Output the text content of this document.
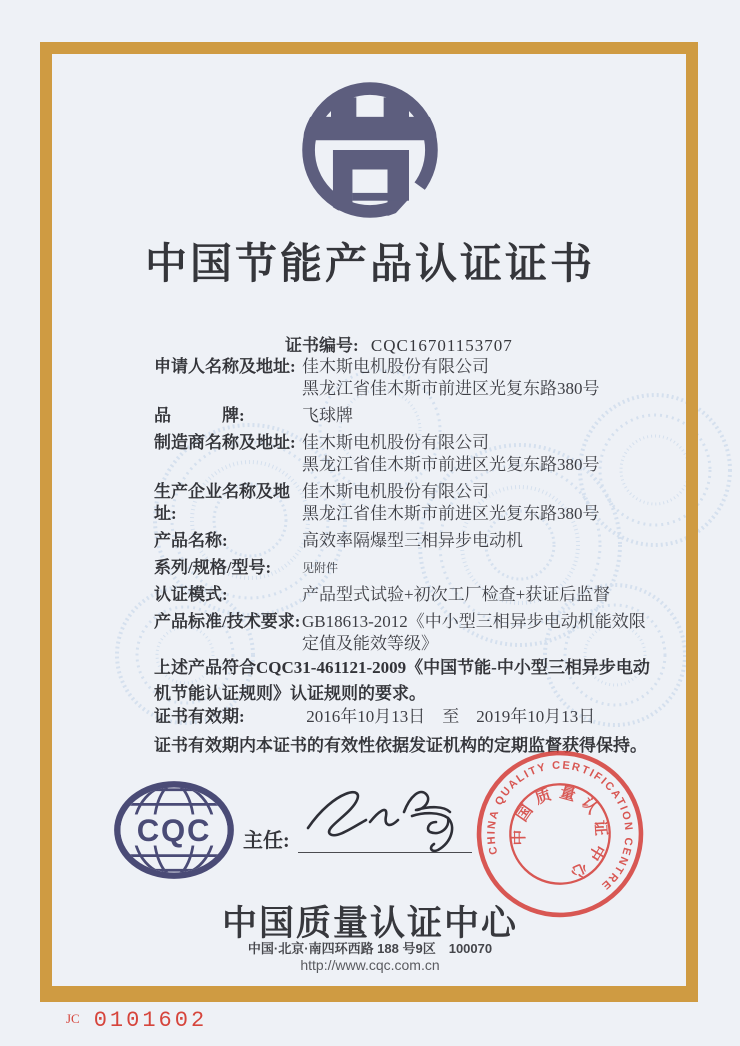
中国节能产品认证证书
证书编号: CQC16701153707
申请人名称及地址: 佳木斯电机股份有限公司
黑龙江省佳木斯市前进区光复东路380号
品　　　牌:	飞球牌
制造商名称及地址: 佳木斯电机股份有限公司
黑龙江省佳木斯市前进区光复东路380号
生产企业名称及地址:
佳木斯电机股份有限公司
黑龙江省佳木斯市前进区光复东路380号
产品名称:	高效率隔爆型三相异步电动机
系列/规格/型号:	见附件
认证模式:	产品型式试验+初次工厂检查+获证后监督
产品标准/技术要求: GB18613-2012《中小型三相异步电动机能效限定值及能效等级》
上述产品符合CQC31-461121-2009《中国节能-中小型三相异步电动机节能认证规则》认证规则的要求。
证书有效期:	2016年10月13日　至　2019年10月13日
证书有效期内本证书的有效性依据发证机构的定期监督获得保持。
CQC 主任:	CHINA QUALITY CERTIFICATION CENTRE
中国质量认证中心
中国质量认证中心
中国·北京·南四环西路 188 号9区　100070
http://www.cqc.com.cn
JC 0101602
